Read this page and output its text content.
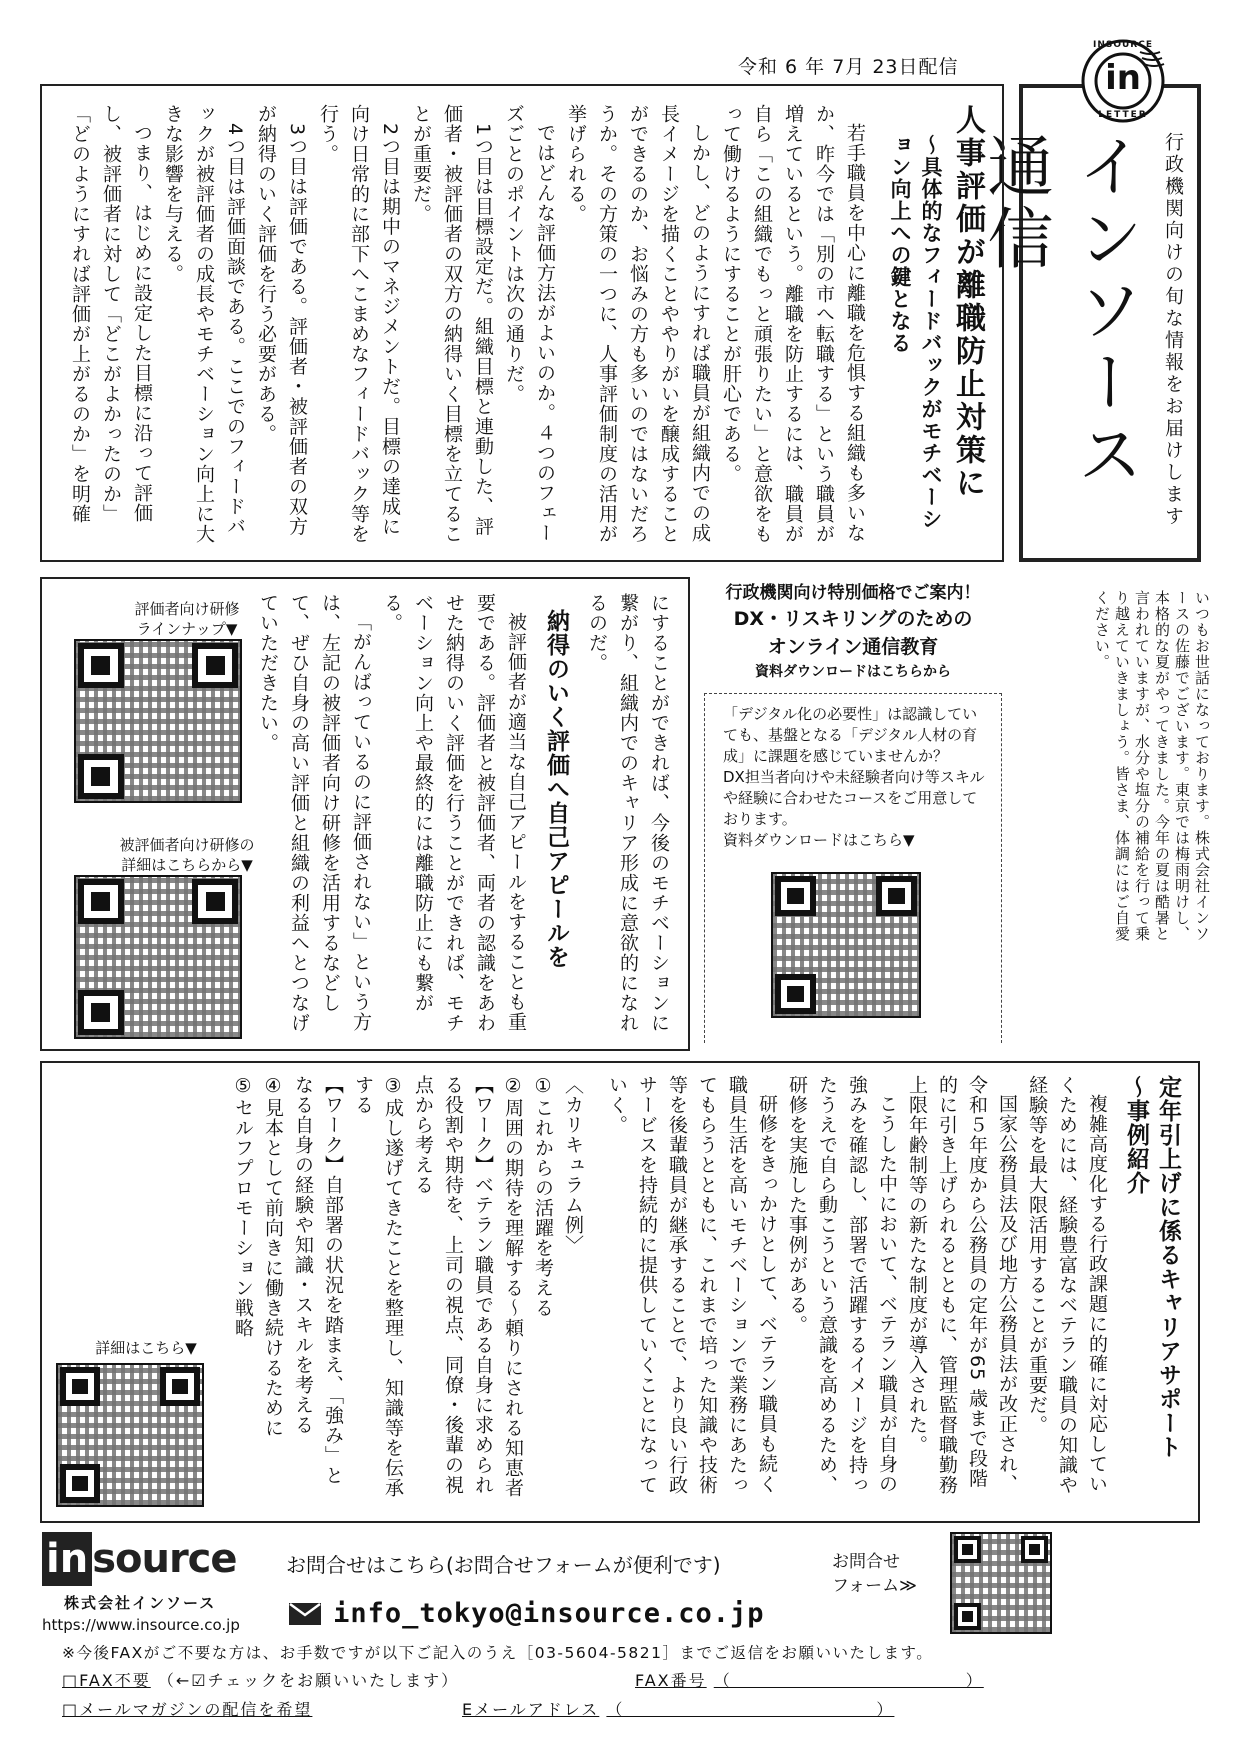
令和 6 年 7月 23日配信
行政機関向けの旬な情報をお届けします
インソース通信
in
INSOURCE
LETTER
人事評価が離職防止対策に
～具体的なフィードバックがモチベーション向上への鍵となる

若手職員を中心に離職を危惧する組織も多いなか、昨今では「別の市へ転職する」という職員が増えているという。離職を防止するには、職員が自ら「この組織でもっと頑張りたい」と意欲をもって働けるようにすることが肝心である。

しかし、どのようにすれば職員が組織内での成長イメージを描くことややりがいを醸成することができるのか、お悩みの方も多いのではないだろうか。その方策の一つに、人事評価制度の活用が挙げられる。

ではどんな評価方法がよいのか。４つのフェーズごとのポイントは次の通りだ。

1つ目は目標設定だ。組織目標と連動した、評価者・被評価者の双方の納得いく目標を立てることが重要だ。

2つ目は期中のマネジメントだ。目標の達成に向け日常的に部下へこまめなフィードバック等を行う。

3つ目は評価である。評価者・被評価者の双方が納得のいく評価を行う必要がある。

4つ目は評価面談である。ここでのフィードバックが被評価者の成長やモチベーション向上に大きな影響を与える。

つまり、はじめに設定した目標に沿って評価し、被評価者に対して「どこがよかったのか」「どのようにすれば評価が上がるのか」を明確

いつもお世話になっております。株式会社インソースの佐藤でございます。東京では梅雨明けし、本格的な夏がやってきました。今年の夏は酷暑と言われていますが、水分や塩分の補給を行って乗り越えていきましょう。皆さま、体調にはご自愛ください。
評価者向け研修
ラインナップ▼
被評価者向け研修の
詳細はこちらから▼	にすることができれば、今後のモチベーションに繋がり、組織内でのキャリア形成に意欲的になれるのだ。

納得のいく評価へ自己アピールを

被評価者が適当な自己アピールをすることも重要である。評価者と被評価者、両者の認識をあわせた納得のいく評価を行うことができれば、モチベーション向上や最終的には離職防止にも繋がる。

「がんばっているのに評価されない」という方は、左記の被評価者向け研修を活用するなどして、ぜひ自身の高い評価と組織の利益へとつなげていただきたい。	行政機関向け特別価格でご案内！
DX・リスキリングのための
オンライン通信教育
資料ダウンロードはこちらから
「デジタル化の必要性」は認識していても、基盤となる「デジタル人材の育成」に課題を感じていませんか？
DX担当者向けや未経験者向け等スキルや経験に合わせたコースをご用意しております。
資料ダウンロードはこちら▼
定年引上げに係るキャリアサポート
～事例紹介

複雑高度化する行政課題に的確に対応していくためには、経験豊富なベテラン職員の知識や経験等を最大限活用することが重要だ。

国家公務員法及び地方公務員法が改正され、令和５年度から公務員の定年が65 歳まで段階的に引き上げられるとともに、管理監督職勤務上限年齢制等の新たな制度が導入された。

こうした中において、ベテラン職員が自身の強みを確認し、部署で活躍するイメージを持ったうえで自ら動こうという意識を高めるため、研修を実施した事例がある。

研修をきっかけとして、ベテラン職員も続く職員生活を高いモチベーションで業務にあたってもらうとともに、これまで培った知識や技術等を後輩職員が継承することで、より良い行政サービスを持続的に提供していくことになっていく。

〈カリキュラム例〉
①これからの活躍を考える
②周囲の期待を理解する～頼りにされる知恵者
【ワーク】ベテラン職員である自身に求められる役割や期待を、上司の視点、同僚・後輩の視点から考える
③成し遂げてきたことを整理し、知識等を伝承する
【ワーク】自部署の状況を踏まえ、「強み」となる自身の経験や知識・スキルを考える
④見本として前向きに働き続けるために
⑤セルフプロモーション戦略
詳細はこちら▼
in source
株式会社インソース
https://www.insource.co.jp
お問合せはこちら(お問合せフォームが便利です)
info_tokyo@insource.co.jp
お問合せ
フォーム≫
※今後FAXがご不要な方は、お手数ですが以下ご記入のうえ［03-5604-5821］までご返信をお願いいたします。
□FAX不要 （←☑チェックをお願いいたします）	FAX番号 （　　　　　　　　　　　　　）
□メールマガジンの配信を希望	Eメールアドレス （　　　　　　　　　　　　　　）
